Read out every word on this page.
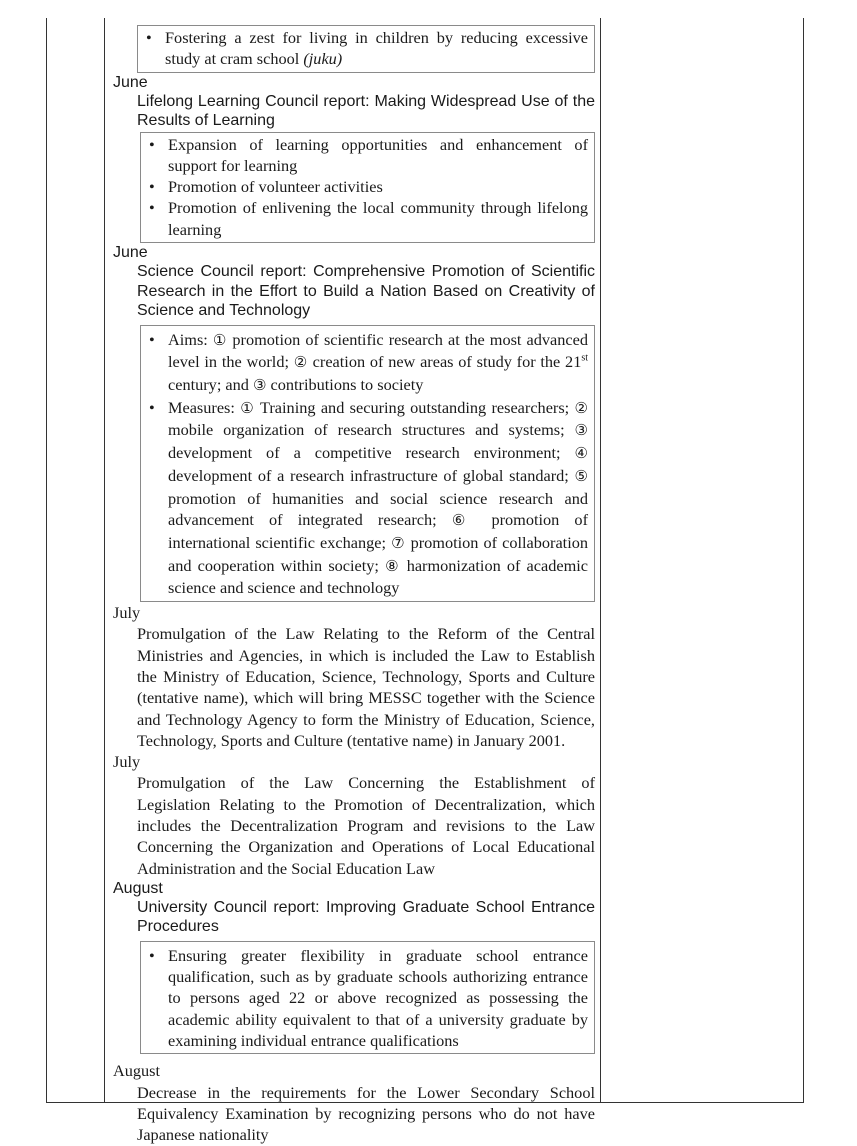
• Fostering a zest for living in children by reducing excessive study at cram school (juku)

June

Lifelong Learning Council report: Making Widespread Use of the Results of Learning

• Expansion of learning opportunities and enhancement of support for learning
• Promotion of volunteer activities
• Promotion of enlivening the local community through lifelong learning

June

Science Council report: Comprehensive Promotion of Scientific Research in the Effort to Build a Nation Based on Creativity of Science and Technology

• Aims: ① promotion of scientific research at the most advanced level in the world; ② creation of new areas of study for the 21st century; and ③ contributions to society
• Measures: ① Training and securing outstanding researchers; ② mobile organization of research structures and systems; ③ development of a competitive research environment; ④ development of a research infrastructure of global standard; ⑤ promotion of humanities and social science research and advancement of integrated research; ⑥ promotion of international scientific exchange; ⑦ promotion of collaboration and cooperation within society; ⑧ harmonization of academic science and science and technology

July

Promulgation of the Law Relating to the Reform of the Central Ministries and Agencies, in which is included the Law to Establish the Ministry of Education, Science, Technology, Sports and Culture (tentative name), which will bring MESSC together with the Science and Technology Agency to form the Ministry of Education, Science, Technology, Sports and Culture (tentative name) in January 2001.

July

Promulgation of the Law Concerning the Establishment of Legislation Relating to the Promotion of Decentralization, which includes the Decentralization Program and revisions to the Law Concerning the Organization and Operations of Local Educational Administration and the Social Education Law

August

University Council report: Improving Graduate School Entrance Procedures

• Ensuring greater flexibility in graduate school entrance qualification, such as by graduate schools authorizing entrance to persons aged 22 or above recognized as possessing the academic ability equivalent to that of a university graduate by examining individual entrance qualifications

August

Decrease in the requirements for the Lower Secondary School Equivalency Examination by recognizing persons who do not have Japanese nationality
